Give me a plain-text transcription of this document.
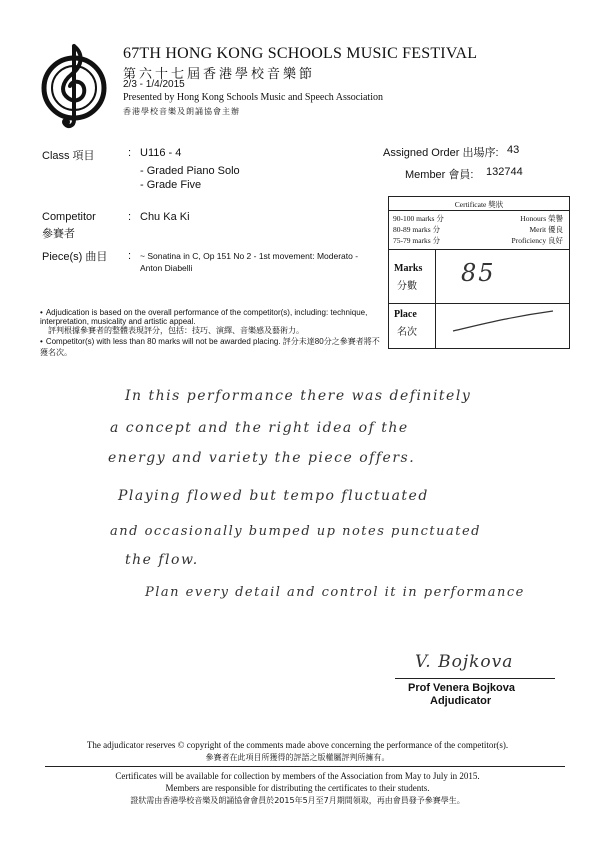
67TH HONG KONG SCHOOLS MUSIC FESTIVAL
第六十七屆香港學校音樂節
2/3 - 1/4/2015
Presented by Hong Kong Schools Music and Speech Association
香港學校音樂及朗誦協會主辦
Class 項目	: U116 - 4
- Graded Piano Solo
- Grade Five
Assigned Order 出場序: 43
Member 會員: 132744
Competitor
參賽者
: Chu Ka Ki
Piece(s) 曲目 : ~ Sonatina in C, Op 151 No 2 - 1st movement: Moderato -
Anton Diabelli
Certificate 獎狀
90-100 marks 分	Honours 榮譽
80-89 marks 分	Merit 優良
75-79 marks 分	Proficiency 良好
Marks
分數 85
Place
名次
• Adjudication is based on the overall performance of the competitor(s), including: technique, interpretation, musicality and artistic appeal.
評判根據參賽者的整體表現評分，包括：技巧、演繹、音樂感及藝術力。
• Competitor(s) with less than 80 marks will not be awarded placing. 評分未達80分之參賽者將不獲名次。
In this performance there was definitely
a concept and the right idea of the
energy and variety the piece offers.
Playing flowed but tempo fluctuated
and occasionally bumped up notes punctuated
the flow.
Plan every detail and control it in performance
V. Bojkova
Prof Venera Bojkova
Adjudicator
The adjudicator reserves © copyright of the comments made above concerning the performance of the competitor(s).
參賽者在此項目所獲得的評語之版權屬評判所擁有。
Certificates will be available for collection by members of the Association from May to July in 2015.
Members are responsible for distributing the certificates to their students.
證狀需由香港學校音樂及朗誦協會會員於2015年5月至7月期間領取，再由會員發予參賽學生。
